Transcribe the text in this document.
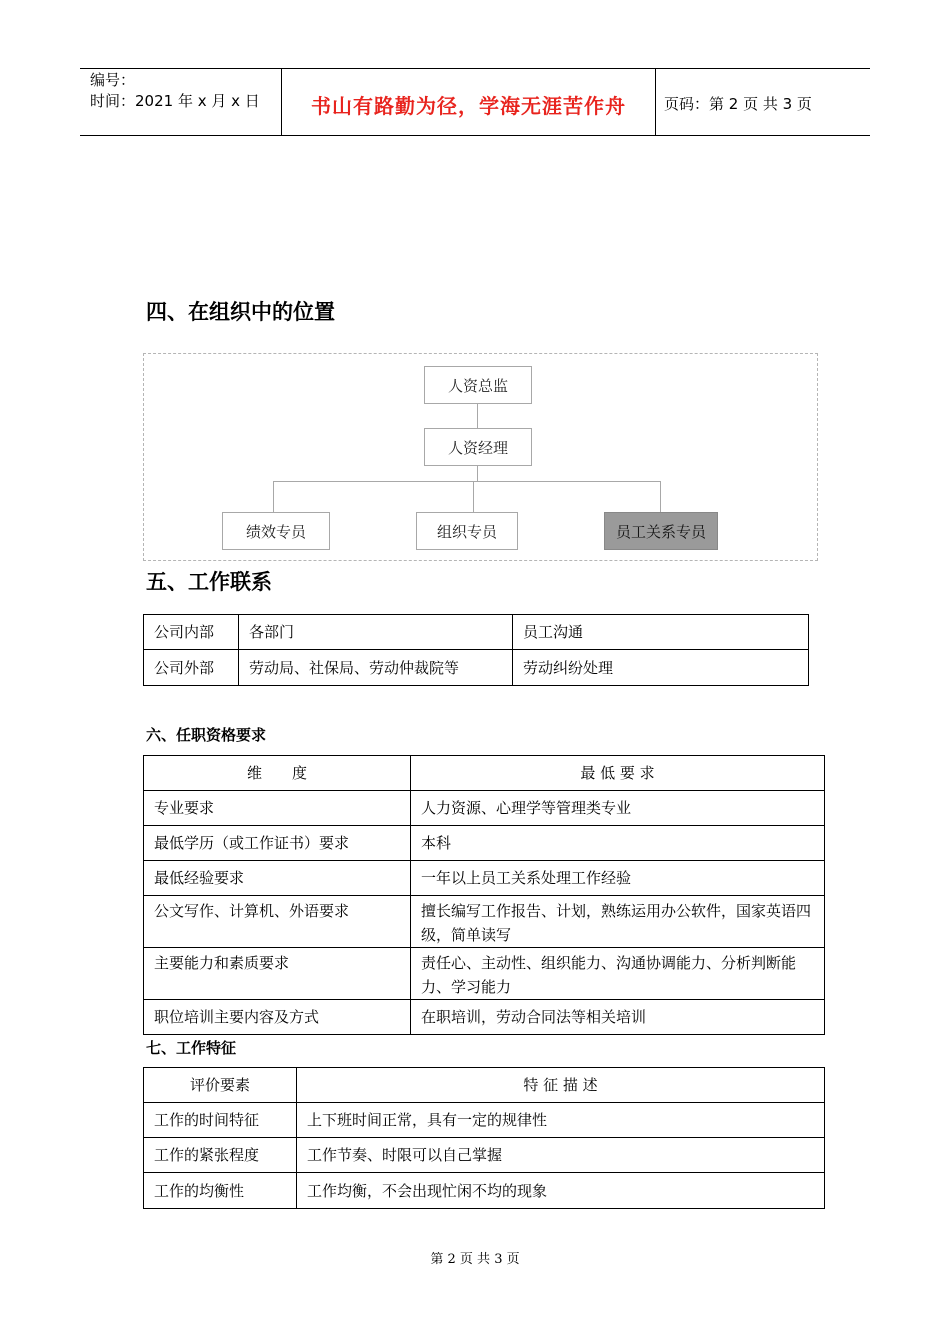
编号：
时间：2021 年 x 月 x 日	书山有路勤为径，学海无涯苦作舟	页码：第 2 页 共 3 页
四、在组织中的位置
人资总监
人资经理
绩效专员	组织专员	员工关系专员
五、工作联系
公司内部	各部门	员工沟通
公司外部	劳动局、社保局、劳动仲裁院等	劳动纠纷处理
六、任职资格要求
维　　度	最 低 要 求
专业要求	人力资源、心理学等管理类专业
最低学历（或工作证书）要求	本科
最低经验要求	一年以上员工关系处理工作经验
公文写作、计算机、外语要求	擅长编写工作报告、计划，熟练运用办公软件，国家英语四级，简单读写
主要能力和素质要求	责任心、主动性、组织能力、沟通协调能力、分析判断能力、学习能力
职位培训主要内容及方式	在职培训，劳动合同法等相关培训
七、工作特征
评价要素	特 征 描 述
工作的时间特征	上下班时间正常，具有一定的规律性
工作的紧张程度	工作节奏、时限可以自己掌握
工作的均衡性	工作均衡，不会出现忙闲不均的现象
第 2 页 共 3 页
